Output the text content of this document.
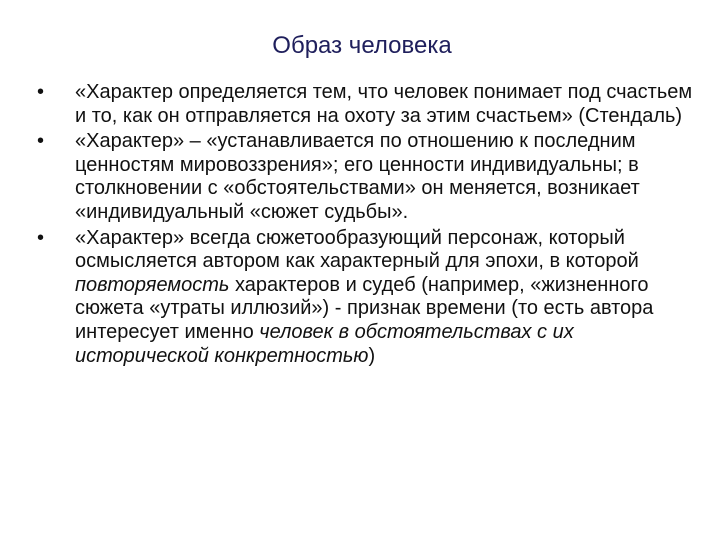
Образ человека
• «Характер определяется тем, что человек понимает под счастьем и то, как он отправляется на охоту за этим счастьем» (Стендаль)
• «Характер» – «устанавливается по отношению к последним ценностям мировоззрения»; его ценности индивидуальны; в столкновении с «обстоятельствами» он меняется, возникает «индивидуальный «сюжет судьбы».
• «Характер» всегда сюжетообразующий персонаж, который осмысляется автором как характерный для эпохи, в которой повторяемость характеров и судеб (например, «жизненного сюжета «утраты иллюзий») - признак времени (то есть автора интересует именно человек в обстоятельствах с их исторической конкретностью)
